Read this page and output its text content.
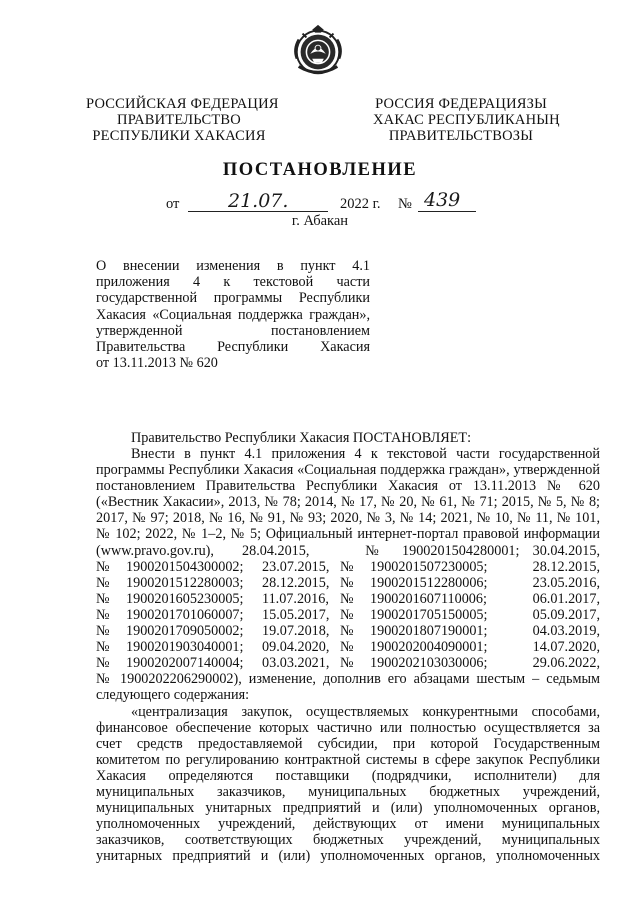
РОССИЙСКАЯ ФЕДЕРАЦИЯ
ПРАВИТЕЛЬСТВО
РЕСПУБЛИКИ ХАКАСИЯ
РОССИЯ ФЕДЕРАЦИЯЗЫ
ХАКАС РЕСПУБЛИКАНЫҢ
ПРАВИТЕЛЬСТВОЗЫ
ПОСТАНОВЛЕНИЕ
от	21.07.	2022 г. № 439
г. Абакан
О внесении изменения в пункт 4.1
приложения 4 к текстовой части
государственной программы Республики
Хакасия «Социальная поддержка граждан»,
утвержденной постановлением
Правительства Республики Хакасия
от 13.11.2013 № 620
Правительство Республики Хакасия ПОСТАНОВЛЯЕТ:
Внести в пункт 4.1 приложения 4 к текстовой части государственной
программы Республики Хакасия «Социальная поддержка граждан», утвержденной
постановлением Правительства Республики Хакасия от 13.11.2013 № 620
(«Вестник Хакасии», 2013, № 78; 2014, № 17, № 20, № 61, № 71; 2015, № 5, № 8;
2017, № 97; 2018, № 16, № 91, № 93; 2020, № 3, № 14; 2021, № 10, № 11, № 101,
№ 102; 2022, № 1–2, № 5; Официальный интернет-портал правовой информации
(www.pravo.gov.ru),	28.04.2015,	№	1900201504280001; 30.04.2015,
№	1900201504300002;	23.07.2015, №	1900201507230005;	28.12.2015,
№	1900201512280003;	28.12.2015, №	1900201512280006;	23.05.2016,
№	1900201605230005;	11.07.2016, №	1900201607110006;	06.01.2017,
№	1900201701060007;	15.05.2017, №	1900201705150005;	05.09.2017,
№	1900201709050002;	19.07.2018, №	1900201807190001;	04.03.2019,
№	1900201903040001;	09.04.2020, №	1900202004090001;	14.07.2020,
№	1900202007140004;	03.03.2021, №	1900202103030006;	29.06.2022,
№ 1900202206290002), изменение, дополнив его абзацами шестым – седьмым
следующего содержания:
«централизация закупок, осуществляемых конкурентными способами,
финансовое обеспечение которых частично или полностью осуществляется за
счет средств предоставляемой субсидии, при которой Государственным
комитетом по регулированию контрактной системы в сфере закупок Республики
Хакасия определяются поставщики (подрядчики, исполнители) для
муниципальных заказчиков, муниципальных бюджетных учреждений,
муниципальных унитарных предприятий и (или) уполномоченных органов,
уполномоченных учреждений, действующих от имени муниципальных
заказчиков, соответствующих бюджетных учреждений, муниципальных
унитарных предприятий и (или) уполномоченных органов, уполномоченных
